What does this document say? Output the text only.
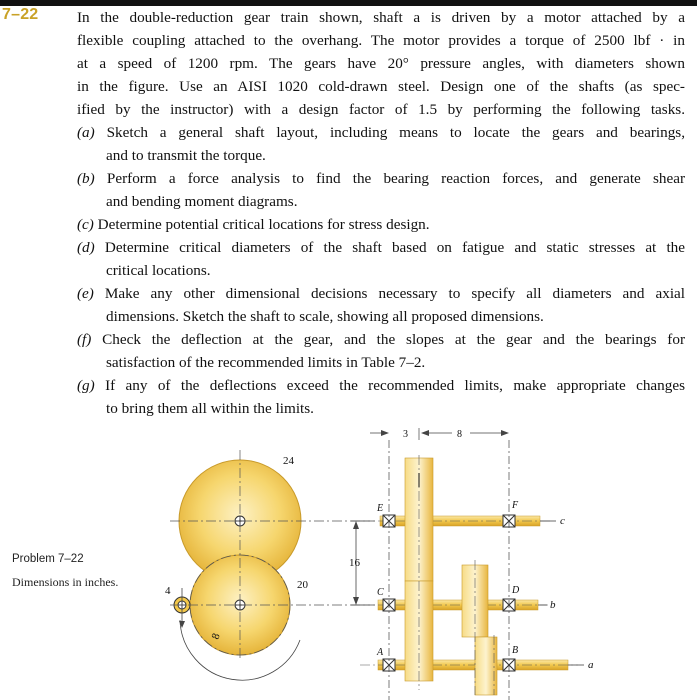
7–22	In the double-reduction gear train shown, shaft a is driven by a motor attached by a
flexible coupling attached to the overhang. The motor provides a torque of 2500 lbf · in
at a speed of 1200 rpm. The gears have 20° pressure angles, with diameters shown
in the figure. Use an AISI 1020 cold-drawn steel. Design one of the shafts (as spec-
ified by the instructor) with a design factor of 1.5 by performing the following tasks.
(a) Sketch a general shaft layout, including means to locate the gears and bearings,
and to transmit the torque.
(b) Perform a force analysis to find the bearing reaction forces, and generate shear
and bending moment diagrams.
(c) Determine potential critical locations for stress design.
(d) Determine critical diameters of the shaft based on fatigue and static stresses at the
critical locations.
(e) Make any other dimensional decisions necessary to specify all diameters and axial
dimensions. Sketch the shaft to scale, showing all proposed dimensions.
(f) Check the deflection at the gear, and the slopes at the gear and the bearings for
satisfaction of the recommended limits in Table 7–2.
(g) If any of the deflections exceed the recommended limits, make appropriate changes
to bring them all within the limits.
Problem 7–22
Dimensions in inches.
24
20
4
8
16
3	8
E	F
C	D
A	B
c
b
a
